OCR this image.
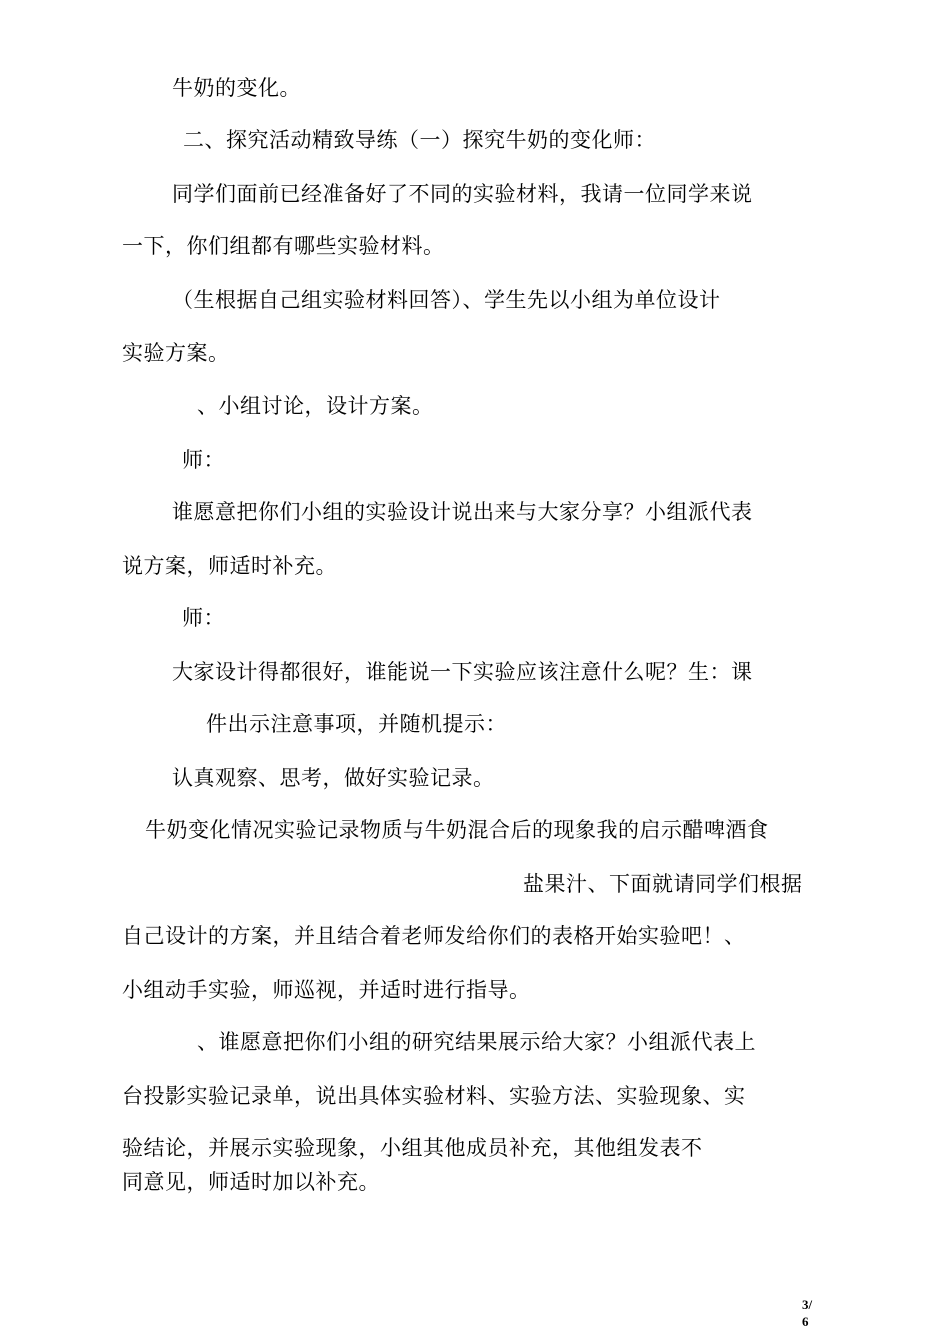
牛奶的变化。
二、探究活动精致导练（一）探究牛奶的变化师：
同学们面前已经准备好了不同的实验材料，我请一位同学来说
一下，你们组都有哪些实验材料。
（生根据自己组实验材料回答）、学生先以小组为单位设计
实验方案。
、小组讨论，设计方案。
师：
谁愿意把你们小组的实验设计说出来与大家分享？小组派代表
说方案，师适时补充。
师：
大家设计得都很好，谁能说一下实验应该注意什么呢？生：课
件出示注意事项，并随机提示：
认真观察、思考，做好实验记录。
牛奶变化情况实验记录物质与牛奶混合后的现象我的启示醋啤酒食
盐果汁、下面就请同学们根据
自己设计的方案，并且结合着老师发给你们的表格开始实验吧！、
小组动手实验，师巡视，并适时进行指导。
、谁愿意把你们小组的研究结果展示给大家？小组派代表上
台投影实验记录单，说出具体实验材料、实验方法、实验现象、实
验结论，并展示实验现象，小组其他成员补充，其他组发表不
同意见，师适时加以补充。
3/
6
